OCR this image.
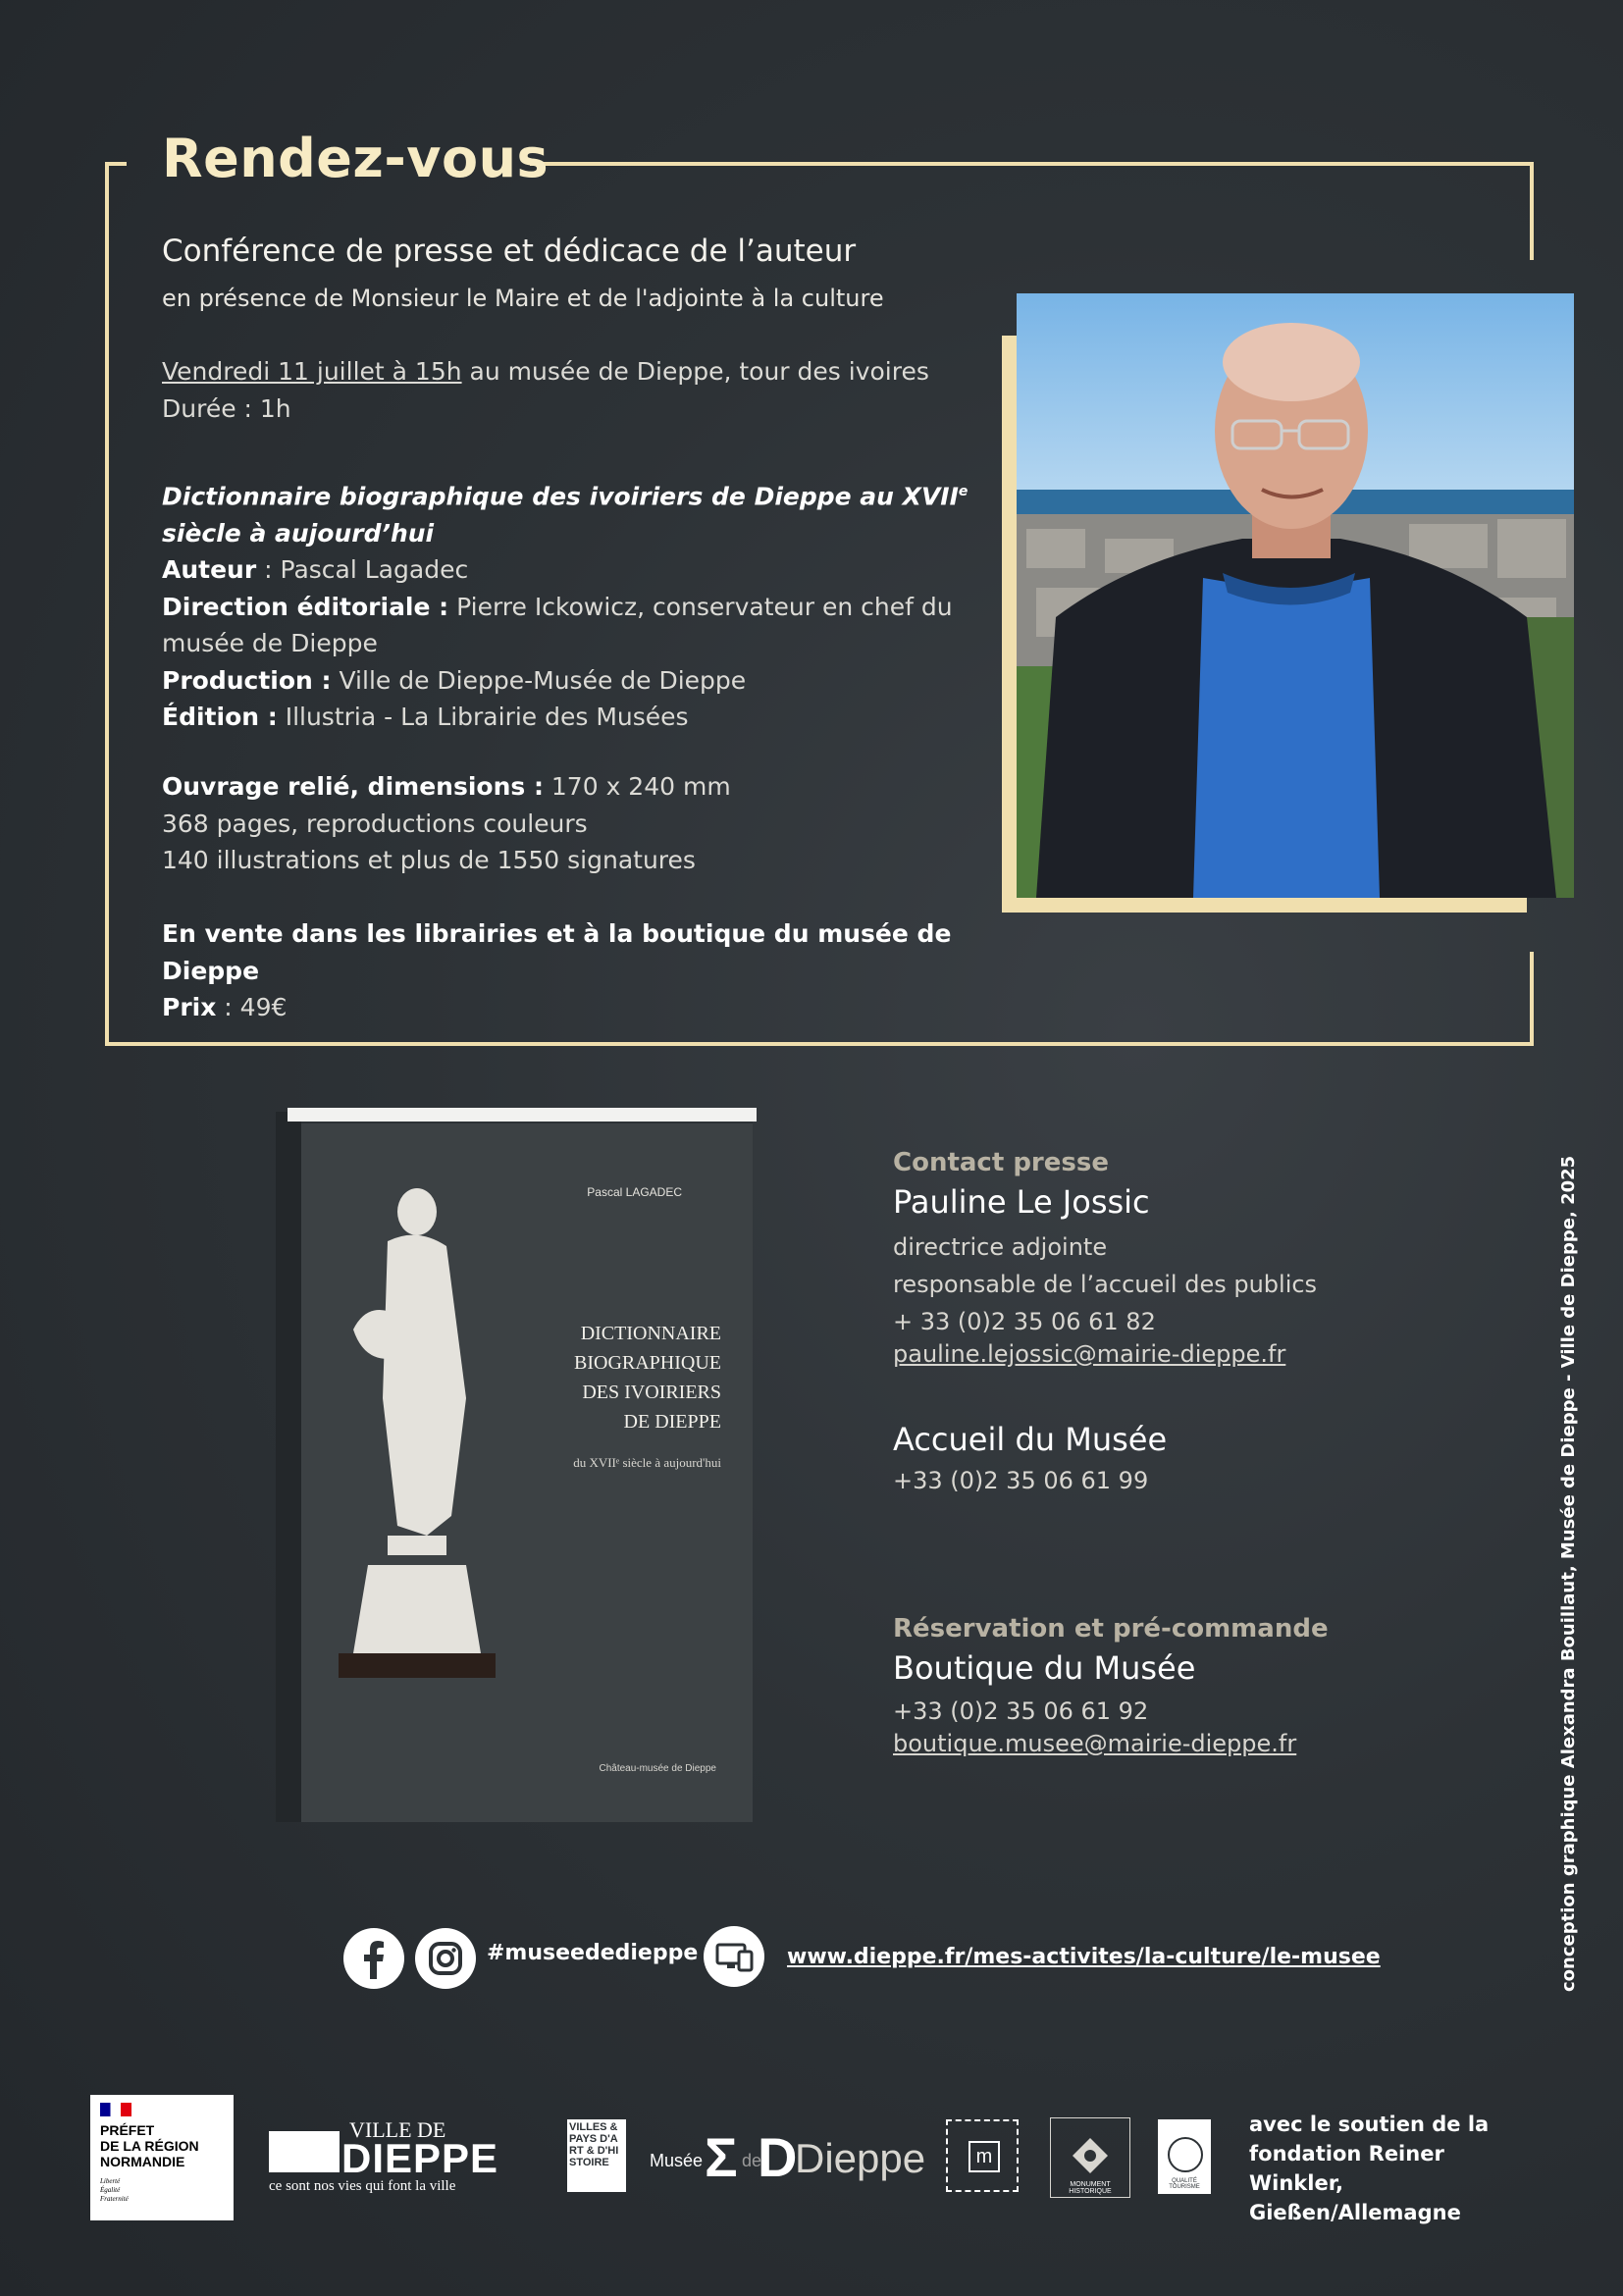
Rendez-vous
Conférence de presse et dédicace de l’auteur
en présence de Monsieur le Maire et de l'adjointe à la culture
Vendredi 11 juillet à 15h au musée de Dieppe, tour des ivoires
Durée : 1h
Dictionnaire biographique des ivoiriers de Dieppe au XVIIe
siècle à aujourd’hui
Auteur : Pascal Lagadec
Direction éditoriale : Pierre Ickowicz, conservateur en chef du
musée de Dieppe
Production : Ville de Dieppe-Musée de Dieppe
Édition : Illustria - La Librairie des Musées
Ouvrage relié, dimensions : 170 x 240 mm
368 pages, reproductions couleurs
140 illustrations et plus de 1550 signatures
En vente dans les librairies et à la boutique du musée de Dieppe
Prix : 49€
Pascal LAGADEC
DICTIONNAIRE
BIOGRAPHIQUE
DES IVOIRIERS
DE DIEPPE
du XVIIᵉ siècle à aujourd'hui
Château-musée de Dieppe
Contact presse
Pauline Le Jossic
directrice adjointe
responsable de l’accueil des publics
+ 33 (0)2 35 06 61 82
pauline.lejossic@mairie-dieppe.fr
Accueil du Musée
+33 (0)2 35 06 61 99
Réservation et pré-commande
Boutique du Musée
+33 (0)2 35 06 61 92
boutique.musee@mairie-dieppe.fr
#museededieppe	www.dieppe.fr/mes-activites/la-culture/le-musee	conception graphique Alexandra Bouillaut, Musée de Dieppe - Ville de Dieppe, 2025
PRÉFET
DE LA RÉGION
NORMANDIE
Liberté
Égalité
Fraternité
VILLE DE
DIEPPE
ce sont nos vies qui font la ville
VILLES & PAYS D'ART & D'HISTOIRE	Musée Σ de
D
Dieppe	m
MONUMENT HISTORIQUE
QUALITÉ TOURISME
avec le soutien de la fondation Reiner Winkler, Gießen/Allemagne
